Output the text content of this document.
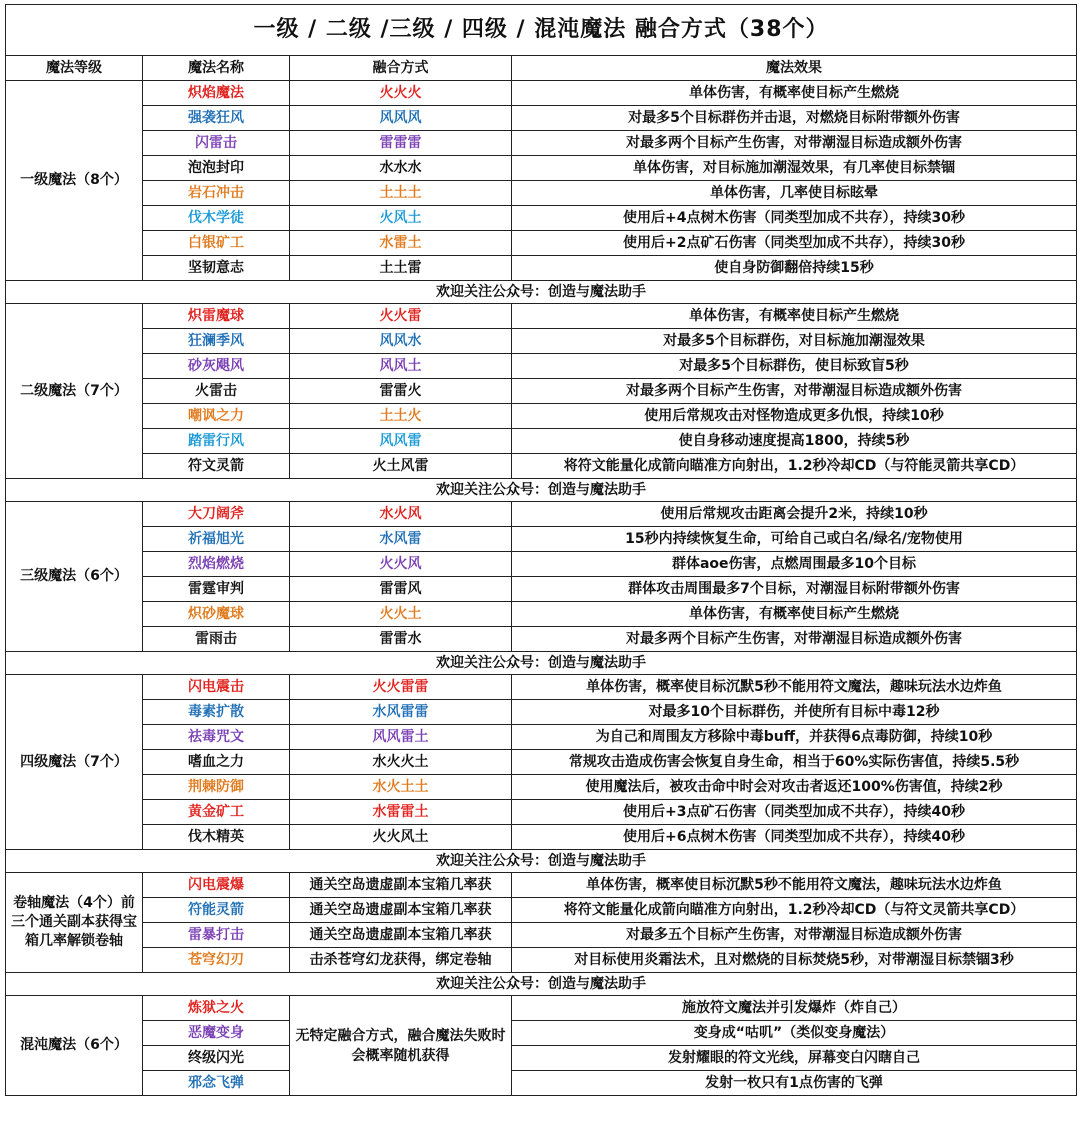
一级 / 二级 /三级 / 四级 / 混沌魔法 融合方式（38个）			
魔法等级	魔法名称	融合方式	魔法效果
一级魔法（8个）	炽焰魔法	火火火	单体伤害，有概率使目标产生燃烧
	强袭狂风	风风风	对最多5个目标群伤并击退，对燃烧目标附带额外伤害
	闪雷击	雷雷雷	对最多两个目标产生伤害，对带潮湿目标造成额外伤害
	泡泡封印	水水水	单体伤害，对目标施加潮湿效果，有几率使目标禁锢
	岩石冲击	土土土	单体伤害，几率使目标眩晕
	伐木学徒	火风土	使用后+4点树木伤害（同类型加成不共存），持续30秒
	白银矿工	水雷土	使用后+2点矿石伤害（同类型加成不共存），持续30秒
	坚韧意志	土土雷	使自身防御翻倍持续15秒
欢迎关注公众号：创造与魔法助手			
二级魔法（7个）	炽雷魔球	火火雷	单体伤害，有概率使目标产生燃烧
	狂澜季风	风风水	对最多5个目标群伤，对目标施加潮湿效果
	砂灰飓风	风风土	对最多5个目标群伤，使目标致盲5秒
	火雷击	雷雷火	对最多两个目标产生伤害，对带潮湿目标造成额外伤害
	嘲讽之力	土土火	使用后常规攻击对怪物造成更多仇恨，持续10秒
	踏雷行风	风风雷	使自身移动速度提高1800，持续5秒
	符文灵箭	火土风雷	将符文能量化成箭向瞄准方向射出，1.2秒冷却CD（与符能灵箭共享CD）
欢迎关注公众号：创造与魔法助手			
三级魔法（6个）	大刀阔斧	水火风	使用后常规攻击距离会提升2米，持续10秒
	祈福旭光	水风雷	15秒内持续恢复生命，可给自己或白名/绿名/宠物使用
	烈焰燃烧	火火风	群体aoe伤害，点燃周围最多10个目标
	雷霆审判	雷雷风	群体攻击周围最多7个目标，对潮湿目标附带额外伤害
	炽砂魔球	火火土	单体伤害，有概率使目标产生燃烧
	雷雨击	雷雷水	对最多两个目标产生伤害，对带潮湿目标造成额外伤害
欢迎关注公众号：创造与魔法助手			
四级魔法（7个）	闪电震击	火火雷雷	单体伤害，概率使目标沉默5秒不能用符文魔法，趣味玩法水边炸鱼
	毒素扩散	水风雷雷	对最多10个目标群伤，并使所有目标中毒12秒
	祛毒咒文	风风雷土	为自己和周围友方移除中毒buff，并获得6点毒防御，持续10秒
	嗜血之力	水火火土	常规攻击造成伤害会恢复自身生命，相当于60%实际伤害值，持续5.5秒
	荆棘防御	水火土土	使用魔法后，被攻击命中时会对攻击者返还100%伤害值，持续2秒
	黄金矿工	水雷雷土	使用后+3点矿石伤害（同类型加成不共存），持续40秒
	伐木精英	火火风土	使用后+6点树木伤害（同类型加成不共存），持续40秒
欢迎关注公众号：创造与魔法助手			
卷轴魔法（4个）前三个通关副本获得宝箱几率解锁卷轴	闪电震爆	通关空岛遗虚副本宝箱几率获	单体伤害，概率使目标沉默5秒不能用符文魔法，趣味玩法水边炸鱼
	符能灵箭	通关空岛遗虚副本宝箱几率获	将符文能量化成箭向瞄准方向射出，1.2秒冷却CD（与符文灵箭共享CD）
	雷暴打击	通关空岛遗虚副本宝箱几率获	对最多五个目标产生伤害，对带潮湿目标造成额外伤害
	苍穹幻刃	击杀苍穹幻龙获得，绑定卷轴	对目标使用炎霜法术，且对燃烧的目标焚烧5秒，对带潮湿目标禁锢3秒
欢迎关注公众号：创造与魔法助手			
混沌魔法（6个）	炼狱之火	无特定融合方式，融合魔法失败时会概率随机获得	施放符文魔法并引发爆炸（炸自己）
	恶魔变身		变身成“咕叽”（类似变身魔法）
	终级闪光		发射耀眼的符文光线，屏幕变白闪瞎自己
	邪念飞弹		发射一枚只有1点伤害的飞弹
